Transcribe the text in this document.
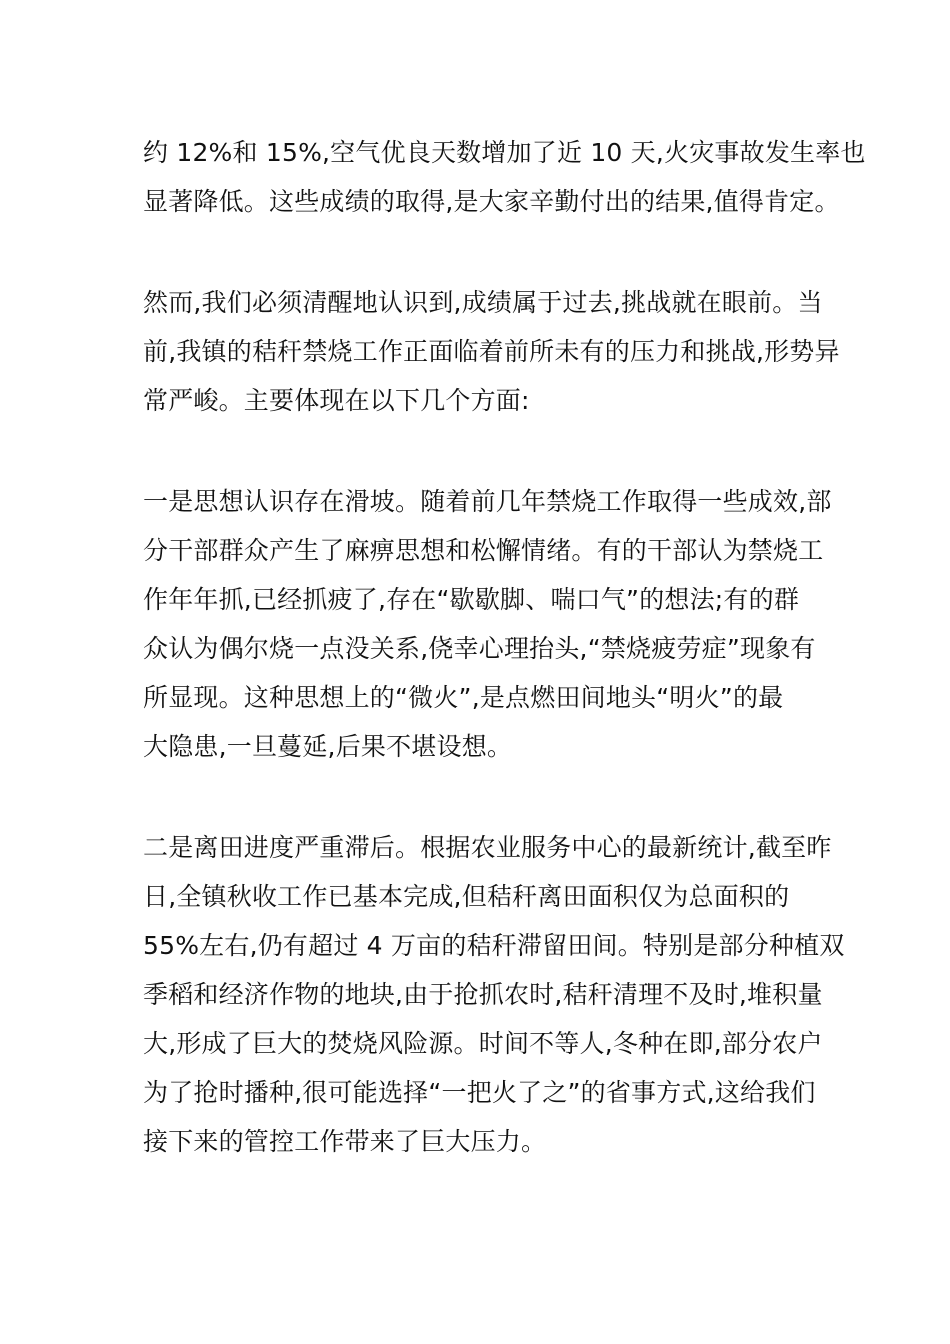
约 12%和 15%,空气优良天数增加了近 10 天,火灾事故发生率也
显著降低。这些成绩的取得,是大家辛勤付出的结果,值得肯定。

然而,我们必须清醒地认识到,成绩属于过去,挑战就在眼前。当
前,我镇的秸秆禁烧工作正面临着前所未有的压力和挑战,形势异
常严峻。主要体现在以下几个方面:

一是思想认识存在滑坡。随着前几年禁烧工作取得一些成效,部
分干部群众产生了麻痹思想和松懈情绪。有的干部认为禁烧工
作年年抓,已经抓疲了,存在“歇歇脚、喘口气”的想法;有的群
众认为偶尔烧一点没关系,侥幸心理抬头,“禁烧疲劳症”现象有
所显现。这种思想上的“微火”,是点燃田间地头“明火”的最
大隐患,一旦蔓延,后果不堪设想。

二是离田进度严重滞后。根据农业服务中心的最新统计,截至昨
日,全镇秋收工作已基本完成,但秸秆离田面积仅为总面积的
55%左右,仍有超过 4 万亩的秸秆滞留田间。特别是部分种植双
季稻和经济作物的地块,由于抢抓农时,秸秆清理不及时,堆积量
大,形成了巨大的焚烧风险源。时间不等人,冬种在即,部分农户
为了抢时播种,很可能选择“一把火了之”的省事方式,这给我们
接下来的管控工作带来了巨大压力。
